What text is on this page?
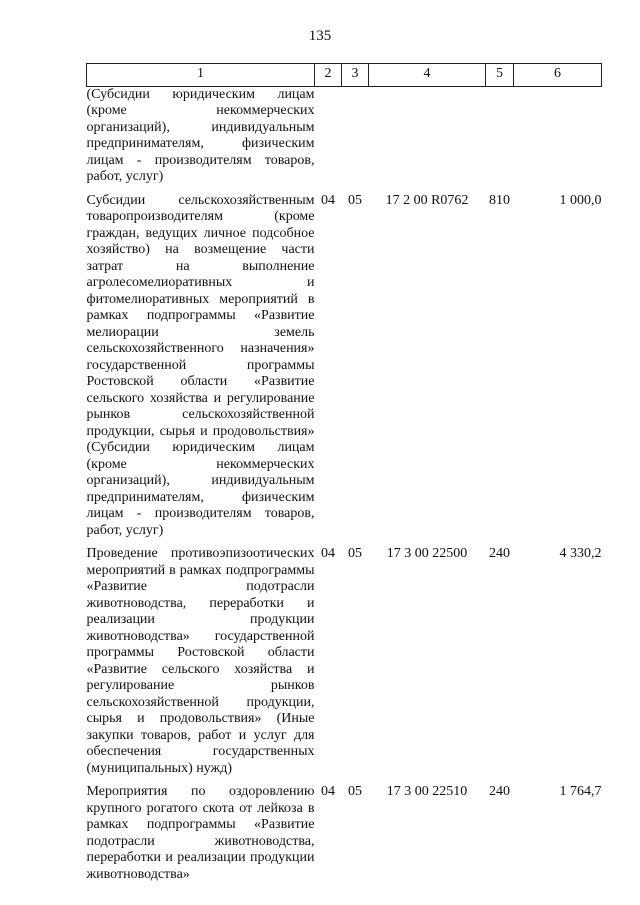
135
1	2	3	4	5	6
(Субсидии юридическим лицам (кроме некоммерческих организаций), индивидуальным предпринимателям, физическим лицам - производителям товаров, работ, услуг)					
Субсидии сельскохозяйственным товаропроизводителям (кроме граждан, ведущих личное подсобное хозяйство) на возмещение части затрат на выполнение агролесомелиоративных и фитомелиоративных мероприятий в рамках подпрограммы «Развитие мелиорации земель сельскохозяйственного назначения» государственной программы Ростовской области «Развитие сельского хозяйства и регулирование рынков сельскохозяйственной продукции, сырья и продовольствия» (Субсидии юридическим лицам (кроме некоммерческих организаций), индивидуальным предпринимателям, физическим лицам - производителям товаров, работ, услуг)	04	05	17 2 00 R0762	810	1 000,0
Проведение противоэпизоотических мероприятий в рамках подпрограммы «Развитие подотрасли животноводства, переработки и реализации продукции животноводства» государственной программы Ростовской области «Развитие сельского хозяйства и регулирование рынков сельскохозяйственной продукции, сырья и продовольствия» (Иные закупки товаров, работ и услуг для обеспечения государственных (муниципальных) нужд)	04	05	17 3 00 22500	240	4 330,2
Мероприятия по оздоровлению крупного рогатого скота от лейкоза в рамках подпрограммы «Развитие подотрасли животноводства, переработки и реализации продукции животноводства»	04	05	17 3 00 22510	240	1 764,7
